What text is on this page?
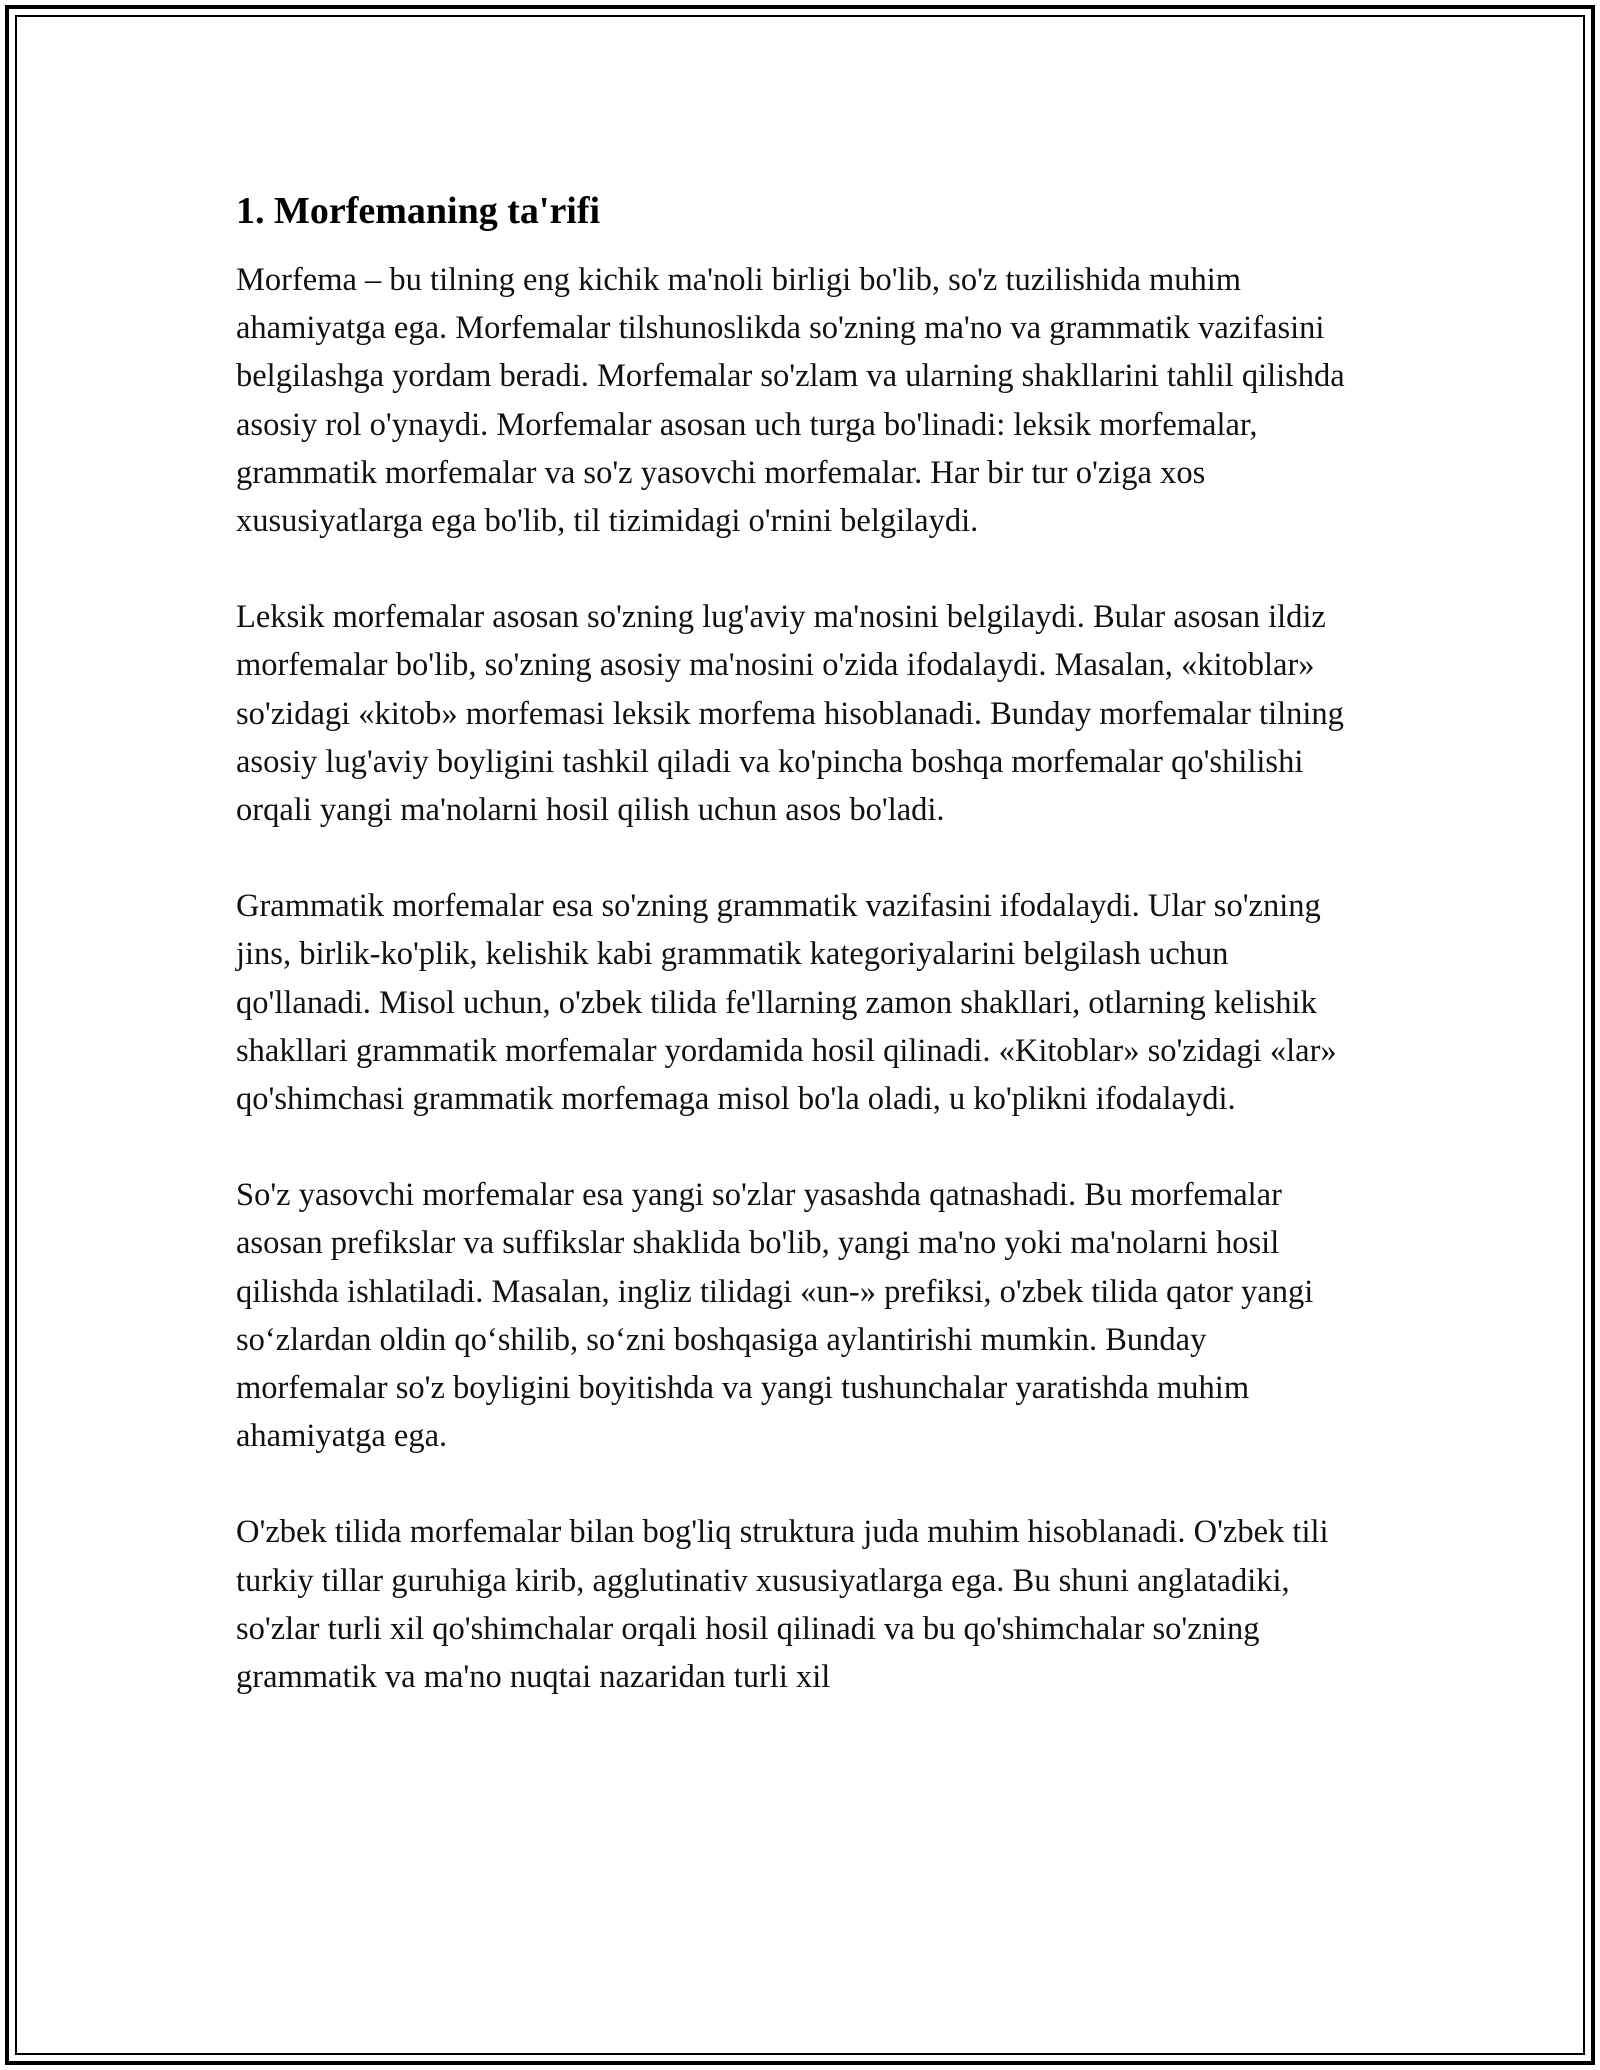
1. Morfemaning ta'rifi

Morfema – bu tilning eng kichik ma'noli birligi bo'lib, so'z tuzilishida muhim ahamiyatga ega. Morfemalar tilshunoslikda so'zning ma'no va grammatik vazifasini belgilashga yordam beradi. Morfemalar so'zlam va ularning shakllarini tahlil qilishda asosiy rol o'ynaydi. Morfemalar asosan uch turga bo'linadi: leksik morfemalar, grammatik morfemalar va so'z yasovchi morfemalar. Har bir tur o'ziga xos xususiyatlarga ega bo'lib, til tizimidagi o'rnini belgilaydi.

Leksik morfemalar asosan so'zning lug'aviy ma'nosini belgilaydi. Bular asosan ildiz morfemalar bo'lib, so'zning asosiy ma'nosini o'zida ifodalaydi. Masalan, «kitoblar» so'zidagi «kitob» morfemasi leksik morfema hisoblanadi. Bunday morfemalar tilning asosiy lug'aviy boyligini tashkil qiladi va ko'pincha boshqa morfemalar qo'shilishi orqali yangi ma'nolarni hosil qilish uchun asos bo'ladi.

Grammatik morfemalar esa so'zning grammatik vazifasini ifodalaydi. Ular so'zning jins, birlik-ko'plik, kelishik kabi grammatik kategoriyalarini belgilash uchun qo'llanadi. Misol uchun, o'zbek tilida fe'llarning zamon shakllari, otlarning kelishik shakllari grammatik morfemalar yordamida hosil qilinadi. «Kitoblar» so'zidagi «lar» qo'shimchasi grammatik morfemaga misol bo'la oladi, u ko'plikni ifodalaydi.

So'z yasovchi morfemalar esa yangi so'zlar yasashda qatnashadi. Bu morfemalar asosan prefikslar va suffikslar shaklida bo'lib, yangi ma'no yoki ma'nolarni hosil qilishda ishlatiladi. Masalan, ingliz tilidagi «un-» prefiksi, o'zbek tilida qator yangi so‘zlardan oldin qo‘shilib, so‘zni boshqasiga aylantirishi mumkin. Bunday morfemalar so'z boyligini boyitishda va yangi tushunchalar yaratishda muhim ahamiyatga ega.

O'zbek tilida morfemalar bilan bog'liq struktura juda muhim hisoblanadi. O'zbek tili turkiy tillar guruhiga kirib, agglutinativ xususiyatlarga ega. Bu shuni anglatadiki, so'zlar turli xil qo'shimchalar orqali hosil qilinadi va bu qo'shimchalar so'zning grammatik va ma'no nuqtai nazaridan turli xil
